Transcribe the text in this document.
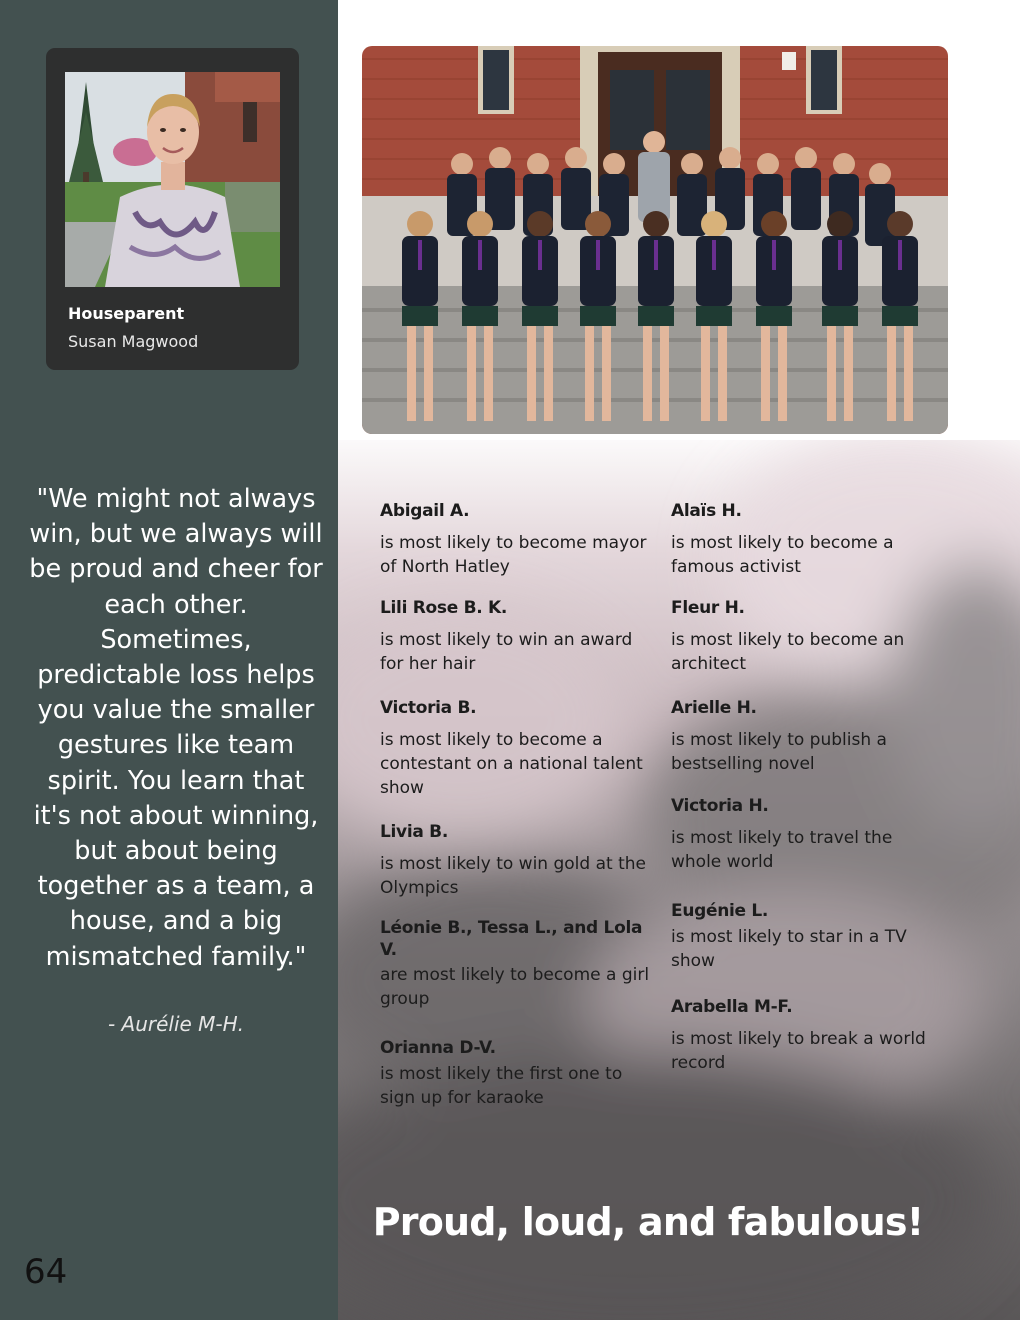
Houseparent
Susan Magwood
"We might not always win, but we always will be proud and cheer for each other. Sometimes, predictable loss helps you value the smaller gestures like team spirit. You learn that it's not about winning, but about being together as a team, a house, and a big mismatched family."
- Aurélie M-H.
64
Abigail A.
is most likely to become mayor of North Hatley
Lili Rose B. K.
is most likely to win an award for her hair
Victoria B.
is most likely to become a contestant on a national talent show
Livia B.
is most likely to win gold at the Olympics
Léonie B., Tessa L., and Lola V.
are most likely to become a girl group
Orianna D-V.
is most likely the first one to sign up for karaoke
Alaïs H.
is most likely to become a famous activist
Fleur H.
is most likely to become an architect
Arielle H.
is most likely to publish a bestselling novel
Victoria H.
is most likely to travel the whole world
Eugénie L.
is most likely to star in a TV show
Arabella M-F.
is most likely to break a world record
Proud, loud, and fabulous!
